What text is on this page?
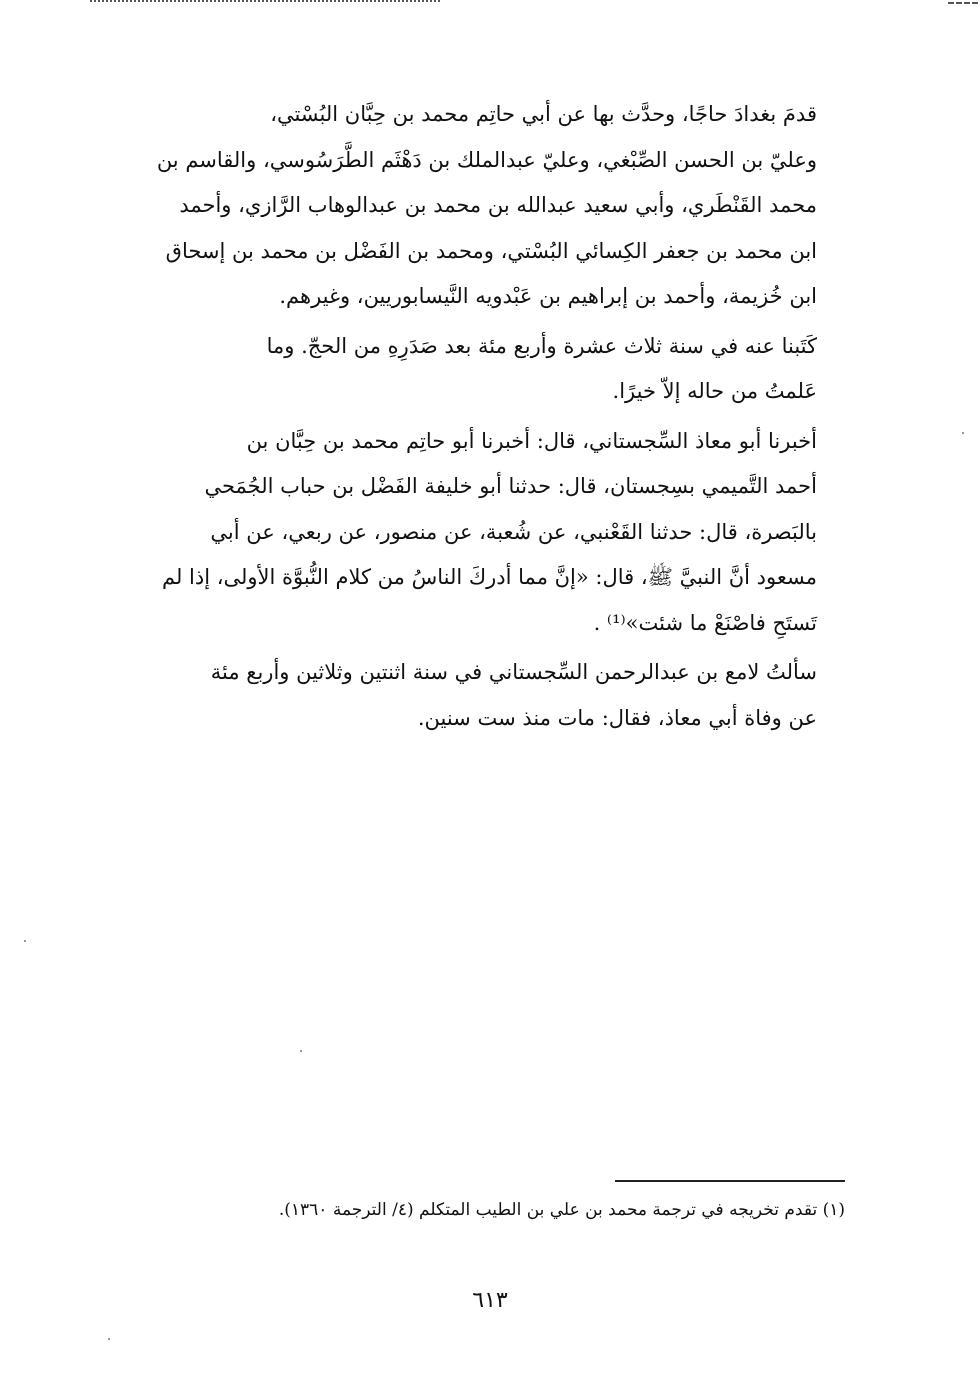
قدمَ بغدادَ حاجًا، وحدَّث بها عن أبي حاتِم محمد بن حِبَّان البُسْتي،
وعليّ بن الحسن الصِّبْغي، وعليّ عبدالملك بن دَهْثَم الطَّرَسُوسي، والقاسم بن
محمد القَنْطَري، وأبي سعيد عبدالله بن محمد بن عبدالوهاب الرَّازي، وأحمد
ابن محمد بن جعفر الكِسائي البُسْتي، ومحمد بن الفَضْل بن محمد بن إسحاق
ابن خُزيمة، وأحمد بن إبراهيم بن عَبْدويه النَّيسابوريين، وغيرهم.

كَتَبنا عنه في سنة ثلاث عشرة وأربع مئة بعد صَدَرِهِ من الحجّ. وما
عَلمتُ من حاله إلاّ خيرًا.

أخبرنا أبو معاذ السِّجستاني، قال: أخبرنا أبو حاتِم محمد بن حِبَّان بن
أحمد التَّميمي بسِجستان، قال: حدثنا أبو خليفة الفَضْل بن حباب الجُمَحي
بالبَصرة، قال: حدثنا القَعْنبي، عن شُعبة، عن منصور، عن ربعي، عن أبي
مسعود أنَّ النبيَّ ﷺ، قال: «إنَّ مما أدركَ الناسُ من كلام النُّبوَّة الأولى، إذا لم
تَستَحِ فاصْنَعْ ما شئت»⁽¹⁾ .

سألتُ لامع بن عبدالرحمن السِّجستاني في سنة اثنتين وثلاثين وأربع مئة
عن وفاة أبي معاذ، فقال: مات منذ ست سنين.

(١) تقدم تخريجه في ترجمة محمد بن علي بن الطيب المتكلم (٤/ الترجمة ١٣٦٠).
٦١٣
